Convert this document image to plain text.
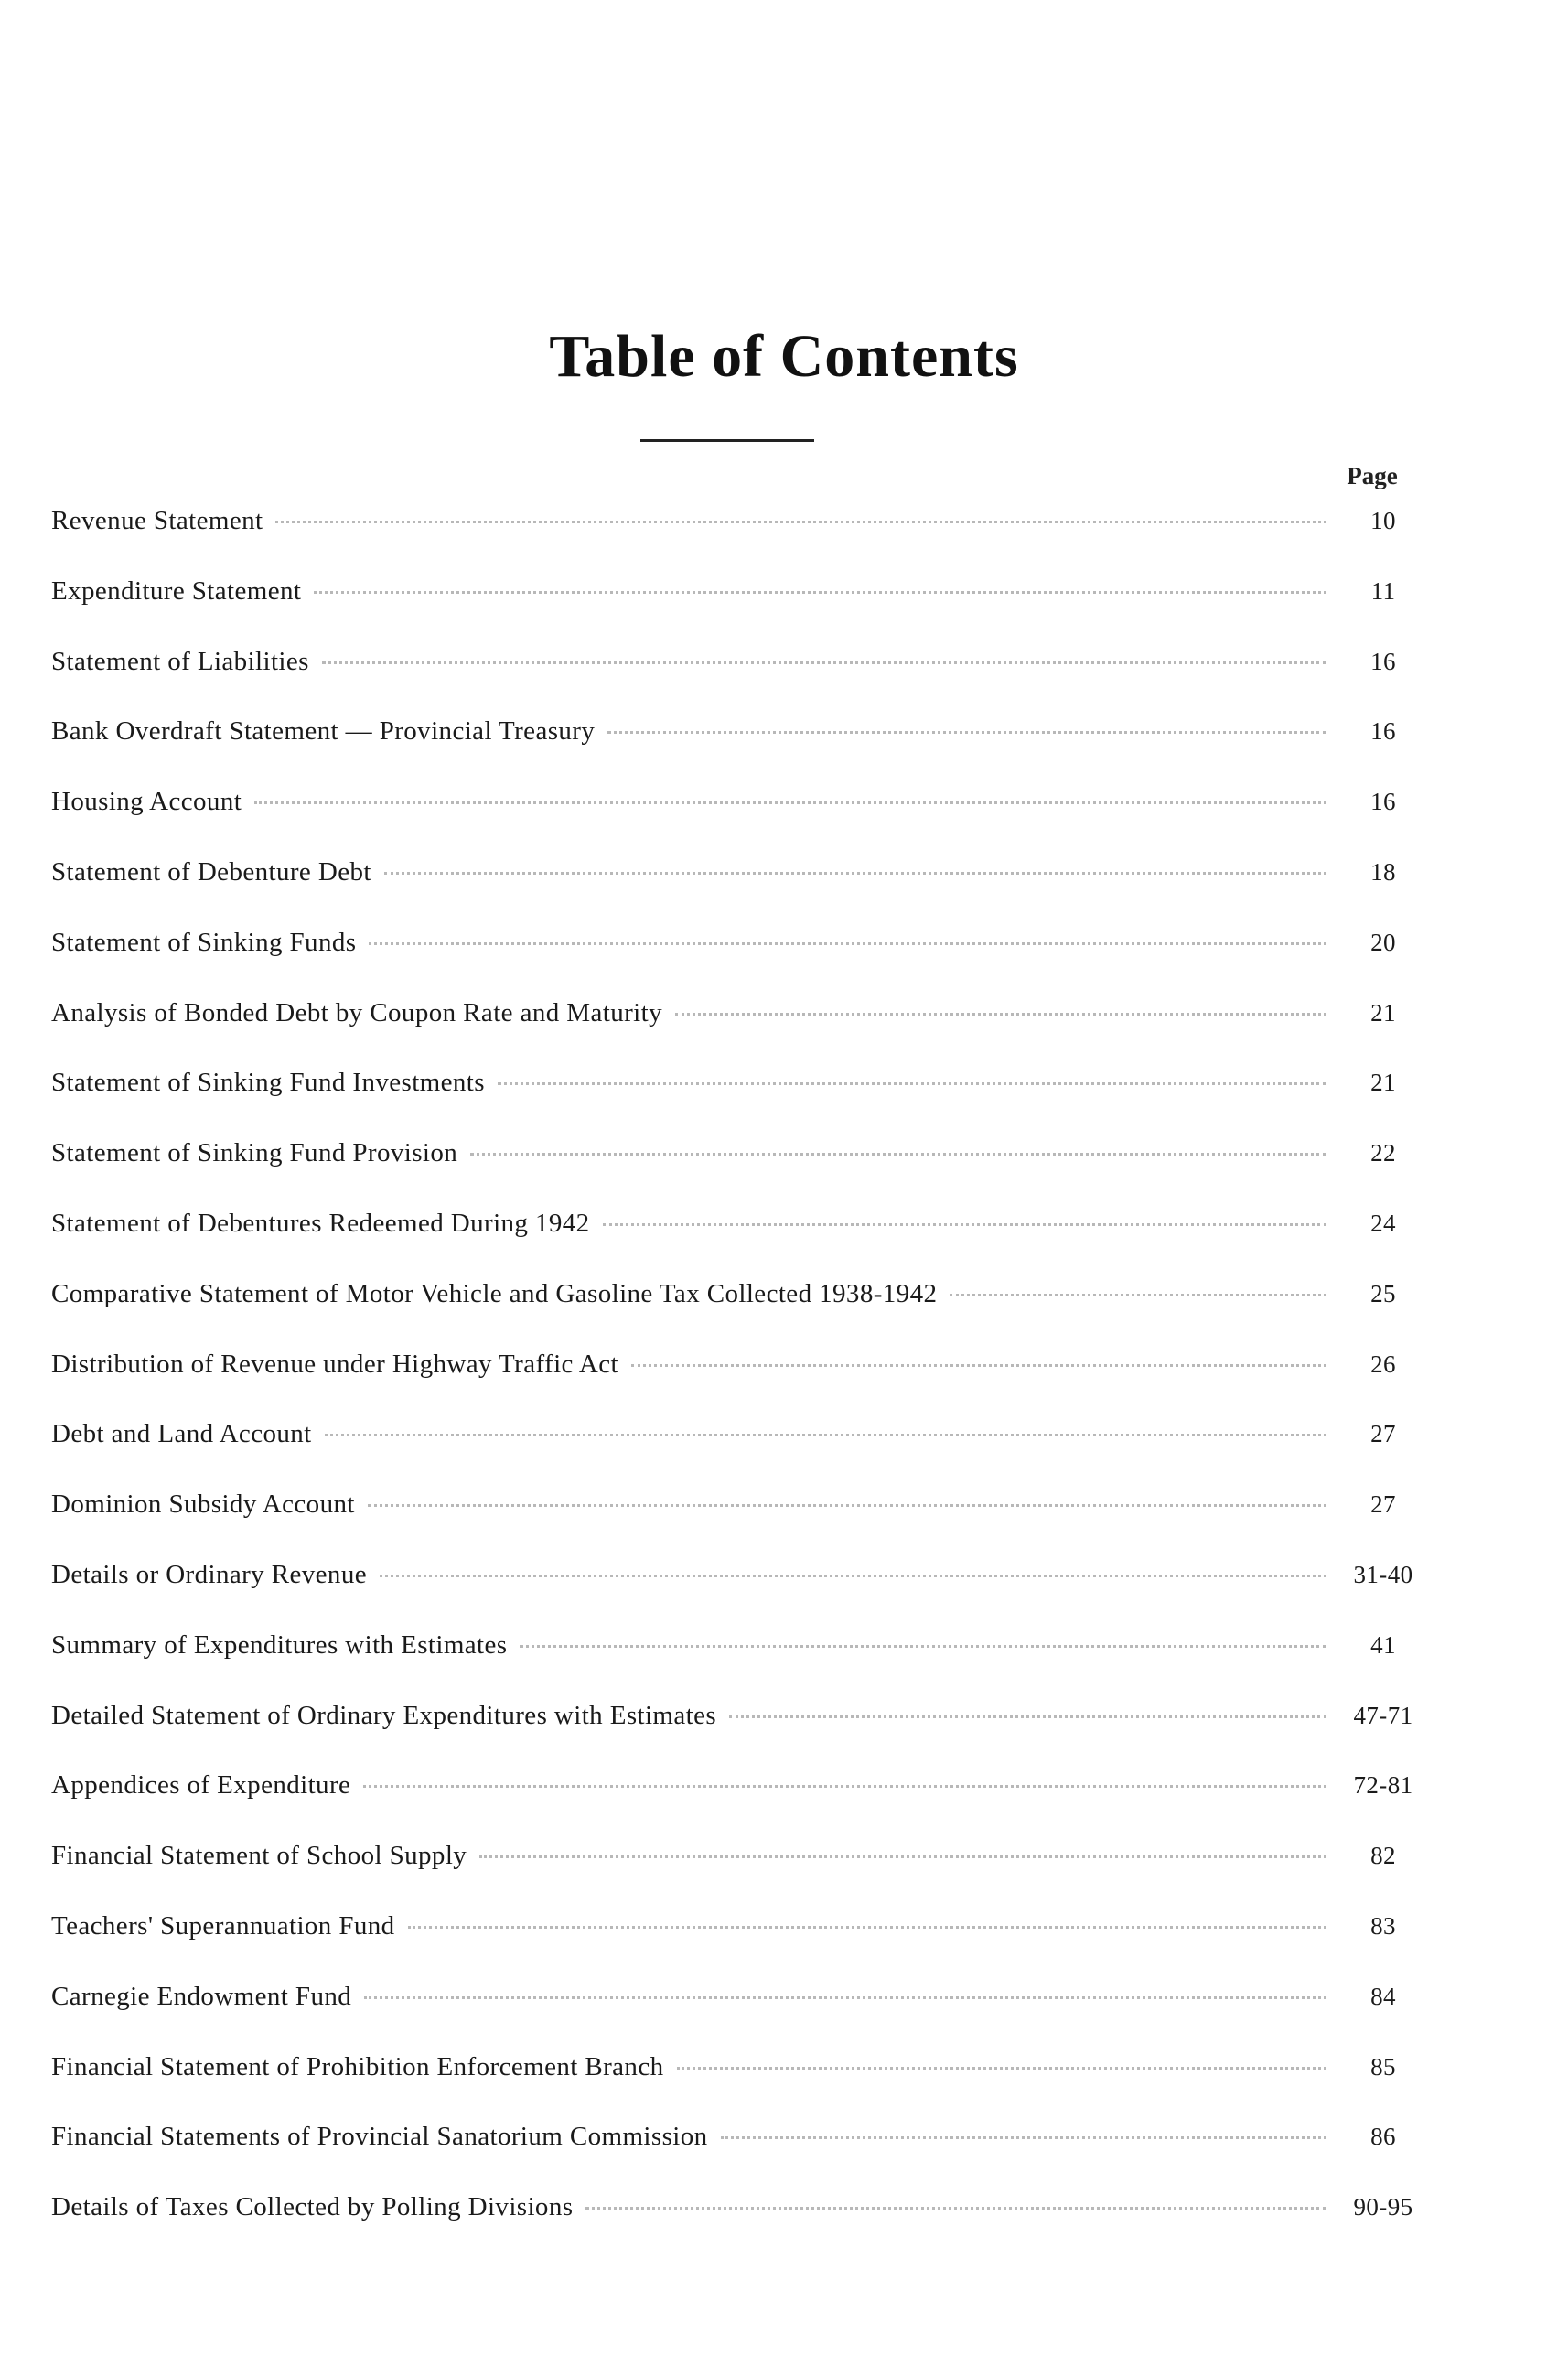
Table of Contents
Page
Revenue Statement	10
Expenditure Statement	11
Statement of Liabilities	16
Bank Overdraft Statement — Provincial Treasury	16
Housing Account	16
Statement of Debenture Debt	18
Statement of Sinking Funds	20
Analysis of Bonded Debt by Coupon Rate and Maturity	21
Statement of Sinking Fund Investments	21
Statement of Sinking Fund Provision	22
Statement of Debentures Redeemed During 1942	24
Comparative Statement of Motor Vehicle and Gasoline Tax Collected 1938-1942	25
Distribution of Revenue under Highway Traffic Act	26
Debt and Land Account	27
Dominion Subsidy Account	27
Details or Ordinary Revenue	31-40
Summary of Expenditures with Estimates	41
Detailed Statement of Ordinary Expenditures with Estimates	47-71
Appendices of Expenditure	72-81
Financial Statement of School Supply	82
Teachers' Superannuation Fund	83
Carnegie Endowment Fund	84
Financial Statement of Prohibition Enforcement Branch	85
Financial Statements of Provincial Sanatorium Commission	86
Details of Taxes Collected by Polling Divisions	90-95
